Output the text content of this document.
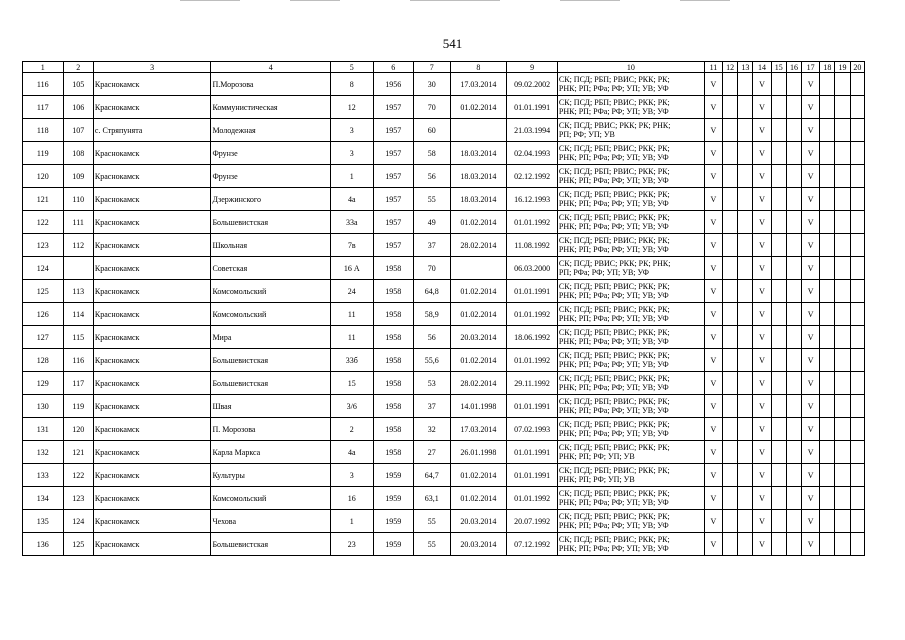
541
1	2	3	4	5	6	7	8	9	10	11	12	13	14	15	16	17	18	19	20
116	105	Краснокамск	П.Морозова	8	1956	30	17.03.2014	09.02.2002	СК; ПСД; РБП; РВИС; РКК; РК;
РНК; РП; РФа; РФ; УП; УВ; УФ	V			V			V			
117	106	Краснокамск	Коммунистическая	12	1957	70	01.02.2014	01.01.1991	СК; ПСД; РБП; РВИС; РКК; РК;
РНК; РП; РФа; РФ; УП; УВ; УФ	V			V			V			
118	107	с. Стряпунята	Молодежная	3	1957	60		21.03.1994	СК; ПСД; РВИС; РКК; РК; РНК;
РП; РФ; УП; УВ	V			V			V			
119	108	Краснокамск	Фрунзе	3	1957	58	18.03.2014	02.04.1993	СК; ПСД; РБП; РВИС; РКК; РК;
РНК; РП; РФа; РФ; УП; УВ; УФ	V			V			V			
120	109	Краснокамск	Фрунзе	1	1957	56	18.03.2014	02.12.1992	СК; ПСД; РБП; РВИС; РКК; РК;
РНК; РП; РФа; РФ; УП; УВ; УФ	V			V			V			
121	110	Краснокамск	Дзержинского	4а	1957	55	18.03.2014	16.12.1993	СК; ПСД; РБП; РВИС; РКК; РК;
РНК; РП; РФа; РФ; УП; УВ; УФ	V			V			V			
122	111	Краснокамск	Большевистская	33а	1957	49	01.02.2014	01.01.1992	СК; ПСД; РБП; РВИС; РКК; РК;
РНК; РП; РФа; РФ; УП; УВ; УФ	V			V			V			
123	112	Краснокамск	Школьная	7в	1957	37	28.02.2014	11.08.1992	СК; ПСД; РБП; РВИС; РКК; РК;
РНК; РП; РФа; РФ; УП; УВ; УФ	V			V			V			
124		Краснокамск	Советская	16 А	1958	70		06.03.2000	СК; ПСД; РВИС; РКК; РК; РНК;
РП; РФа; РФ; УП; УВ; УФ	V			V			V			
125	113	Краснокамск	Комсомольский	24	1958	64,8	01.02.2014	01.01.1991	СК; ПСД; РБП; РВИС; РКК; РК;
РНК; РП; РФа; РФ; УП; УВ; УФ	V			V			V			
126	114	Краснокамск	Комсомольский	11	1958	58,9	01.02.2014	01.01.1992	СК; ПСД; РБП; РВИС; РКК; РК;
РНК; РП; РФа; РФ; УП; УВ; УФ	V			V			V			
127	115	Краснокамск	Мира	11	1958	56	20.03.2014	18.06.1992	СК; ПСД; РБП; РВИС; РКК; РК;
РНК; РП; РФа; РФ; УП; УВ; УФ	V			V			V			
128	116	Краснокамск	Большевистская	33б	1958	55,6	01.02.2014	01.01.1992	СК; ПСД; РБП; РВИС; РКК; РК;
РНК; РП; РФа; РФ; УП; УВ; УФ	V			V			V			
129	117	Краснокамск	Большевистская	15	1958	53	28.02.2014	29.11.1992	СК; ПСД; РБП; РВИС; РКК; РК;
РНК; РП; РФа; РФ; УП; УВ; УФ	V			V			V			
130	119	Краснокамск	Швая	3/6	1958	37	14.01.1998	01.01.1991	СК; ПСД; РБП; РВИС; РКК; РК;
РНК; РП; РФа; РФ; УП; УВ; УФ	V			V			V			
131	120	Краснокамск	П. Морозова	2	1958	32	17.03.2014	07.02.1993	СК; ПСД; РБП; РВИС; РКК; РК;
РНК; РП; РФа; РФ; УП; УВ; УФ	V			V			V			
132	121	Краснокамск	Карла Маркса	4а	1958	27	26.01.1998	01.01.1991	СК; ПСД; РБП; РВИС; РКК; РК;
РНК; РП; РФ; УП; УВ	V			V			V			
133	122	Краснокамск	Культуры	3	1959	64,7	01.02.2014	01.01.1991	СК; ПСД; РБП; РВИС; РКК; РК;
РНК; РП; РФ; УП; УВ	V			V			V			
134	123	Краснокамск	Комсомольский	16	1959	63,1	01.02.2014	01.01.1992	СК; ПСД; РБП; РВИС; РКК; РК;
РНК; РП; РФа; РФ; УП; УВ; УФ	V			V			V			
135	124	Краснокамск	Чехова	1	1959	55	20.03.2014	20.07.1992	СК; ПСД; РБП; РВИС; РКК; РК;
РНК; РП; РФа; РФ; УП; УВ; УФ	V			V			V			
136	125	Краснокамск	Большевистская	23	1959	55	20.03.2014	07.12.1992	СК; ПСД; РБП; РВИС; РКК; РК;
РНК; РП; РФа; РФ; УП; УВ; УФ	V			V			V			
